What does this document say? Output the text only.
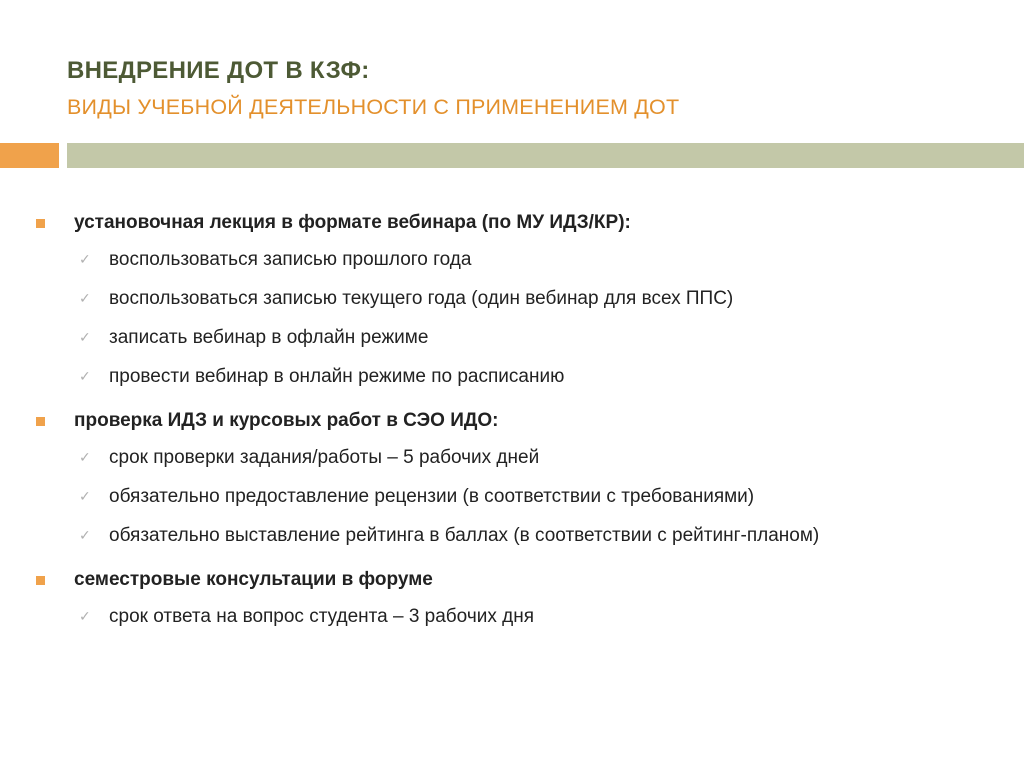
ВНЕДРЕНИЕ ДОТ В КЗФ:
ВИДЫ УЧЕБНОЙ ДЕЯТЕЛЬНОСТИ С ПРИМЕНЕНИЕМ ДОТ
установочная лекция в формате вебинара (по МУ ИДЗ/КР):
✓ воспользоваться записью прошлого года
✓ воспользоваться записью текущего года (один вебинар для всех ППС)
✓ записать вебинар в офлайн режиме
✓ провести вебинар в онлайн режиме по расписанию
проверка ИДЗ и курсовых работ в СЭО ИДО:
✓ срок проверки задания/работы – 5 рабочих дней
✓ обязательно предоставление рецензии (в соответствии с требованиями)
✓ обязательно выставление рейтинга в баллах (в соответствии с рейтинг-планом)
семестровые консультации в форуме
✓ срок ответа на вопрос студента – 3 рабочих дня
